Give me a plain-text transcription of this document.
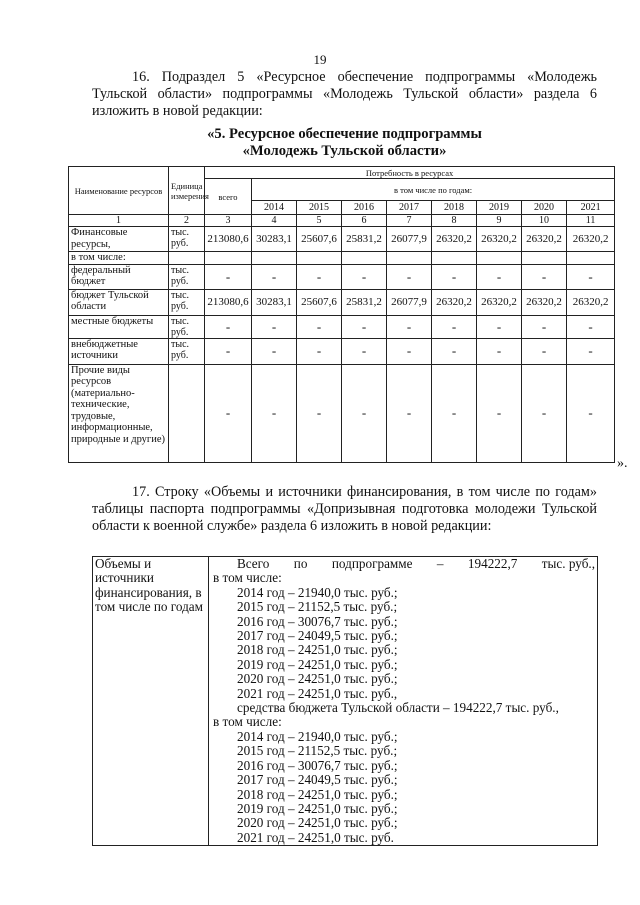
19
16. Подраздел 5 «Ресурсное обеспечение подпрограммы «Молодежь Тульской области» подпрограммы «Молодежь Тульской области» раздела 6 изложить в новой редакции:
«5. Ресурсное обеспечение подпрограммы
«Молодежь Тульской области»
Наименование ресурсов	Единица измерения	Потребность в ресурсах								
		всего	в том числе по годам:							
			2014	2015	2016	2017	2018	2019	2020	2021
1	2	3	4	5	6	7	8	9	10	11
Финансовые ресурсы,	тыс. руб.	213080,6	30283,1	25607,6	25831,2	26077,9	26320,2	26320,2	26320,2	26320,2
в том числе:										
федеральный бюджет	тыс. руб.	-	-	-	-	-	-	-	-	-
бюджет Тульской области	тыс. руб.	213080,6	30283,1	25607,6	25831,2	26077,9	26320,2	26320,2	26320,2	26320,2
местные бюджеты	тыс. руб.	-	-	-	-	-	-	-	-	-
внебюджетные источники	тыс. руб.	-	-	-	-	-	-	-	-	-
Прочие виды ресурсов (материально-технические, трудовые, информационные, природные и другие)		-	-	-	-	-	-	-	-	-
».
17. Строку «Объемы и источники финансирования, в том числе по годам» таблицы паспорта подпрограммы «Допризывная подготовка молодежи Тульской области к военной службе» раздела 6 изложить в новой редакции:
Объемы и источники финансирования, в том числе по годам	
Всего по подпрограмме – 194222,7 тыс. руб.,
в том числе:
2014 год – 21940,0 тыс. руб.;
2015 год – 21152,5 тыс. руб.;
2016 год – 30076,7 тыс. руб.;
2017 год – 24049,5 тыс. руб.;
2018 год – 24251,0 тыс. руб.;
2019 год – 24251,0 тыс. руб.;
2020 год – 24251,0 тыс. руб.;
2021 год – 24251,0 тыс. руб.,
средства бюджета Тульской области – 194222,7 тыс. руб.,
в том числе:
2014 год – 21940,0 тыс. руб.;
2015 год – 21152,5 тыс. руб.;
2016 год – 30076,7 тыс. руб.;
2017 год – 24049,5 тыс. руб.;
2018 год – 24251,0 тыс. руб.;
2019 год – 24251,0 тыс. руб.;
2020 год – 24251,0 тыс. руб.;
2021 год – 24251,0 тыс. руб.
